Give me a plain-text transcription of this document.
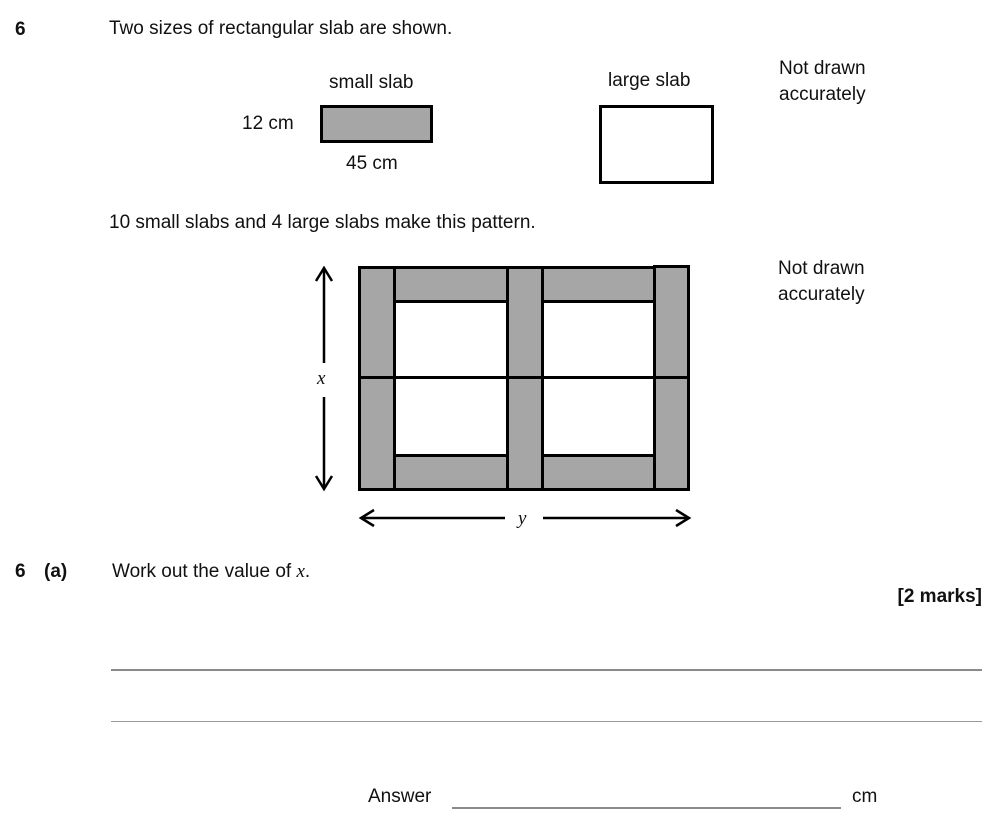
6	Two sizes of rectangular slab are shown.
small slab
12 cm
45 cm
large slab
Not drawn
accurately
10 small slabs and 4 large slabs make this pattern.
Not drawn
accurately
x
y
6 (a) Work out the value of x.
[2 marks]
Answer	cm
